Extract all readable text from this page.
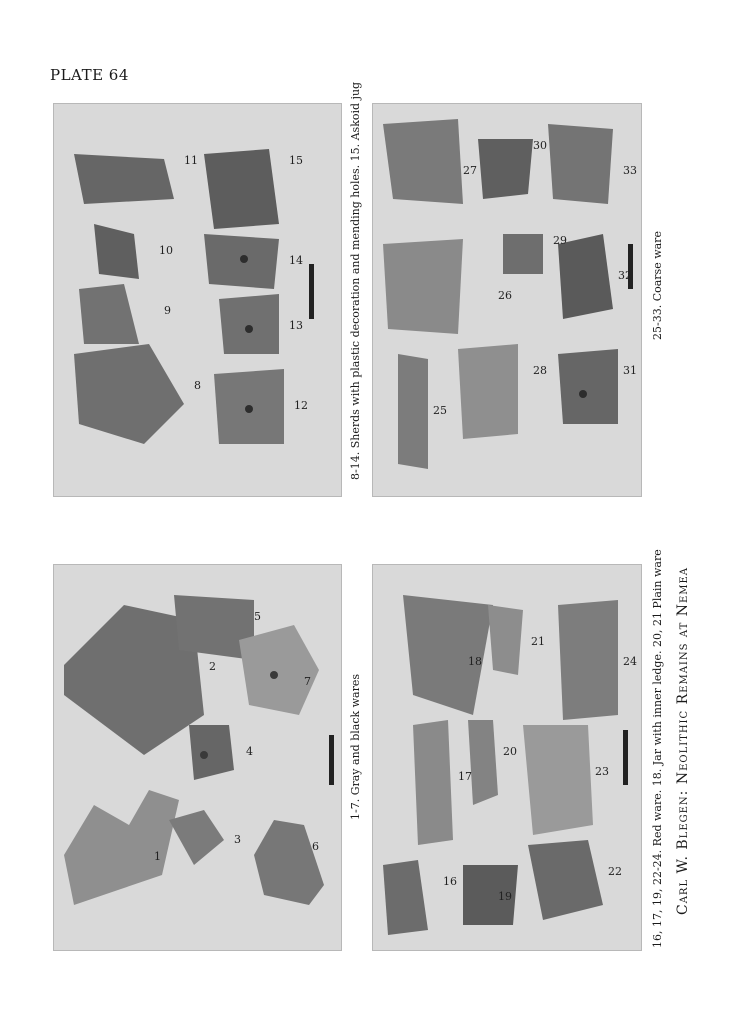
PLATE 64
1
2
3
4
5
6
7
16
17
18
19
20
21
22
23
24
8
9
10
11
12
13
14
15
25
26
27
28
29
30
31
32
33
1-7. Gray and black wares	16, 17, 19, 22-24. Red ware. 18. Jar with inner ledge. 20, 21 Plain ware
8-14. Sherds with plastic decoration and mending holes. 15. Askoid jug	25-33. Coarse ware
Carl W. Blegen: Neolithic Remains at Nemea
